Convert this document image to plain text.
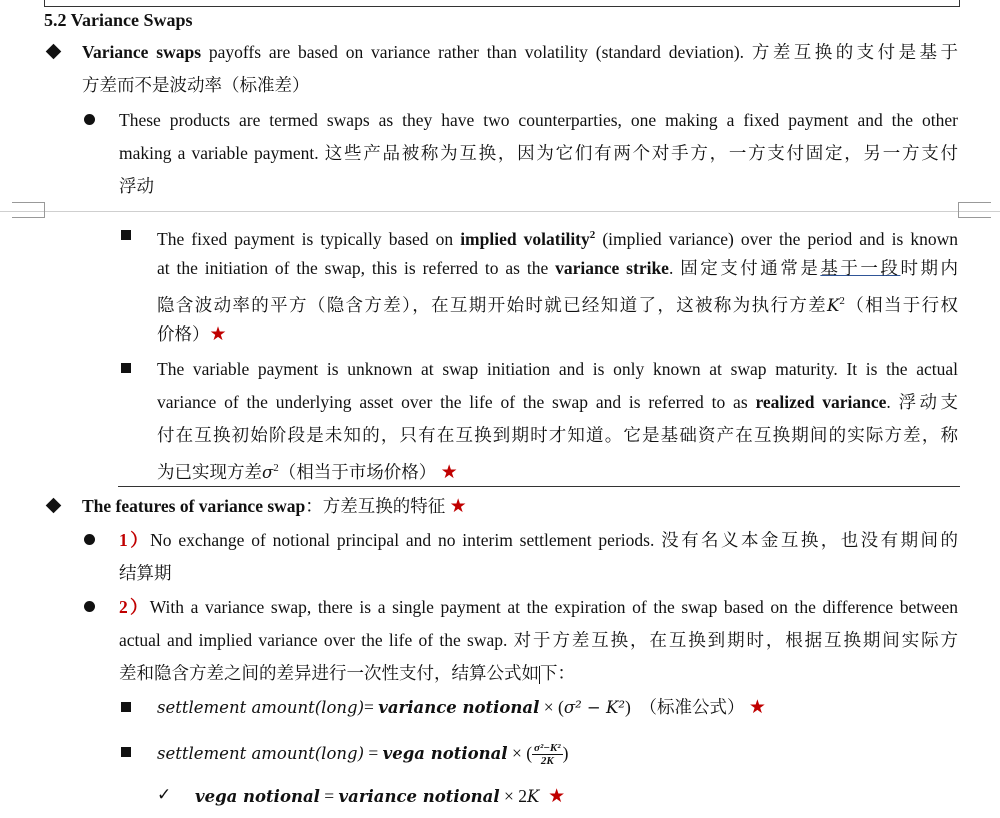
5.2 Variance Swaps
Variance swaps payoffs are based on variance rather than volatility (standard deviation). 方差互换的支付是基于
方差而不是波动率（标准差）
These products are termed swaps as they have two counterparties, one making a fixed payment and the other
making a variable payment. 这些产品被称为互换，因为它们有两个对手方，一方支付固定，另一方支付
浮动
The fixed payment is typically based on implied volatility$^2$ (implied variance) over the period and is known
at the initiation of the swap, this is referred to as the variance strike. 固定支付通常是基于一段时期内
隐含波动率的平方（隐含方差），在互期开始时就已经知道了，这被称为执行方差$K^2$（相当于行权
价格）★
The variable payment is unknown at swap initiation and is only known at swap maturity. It is the actual
variance of the underlying asset over the life of the swap and is referred to as realized variance. 浮动支
付在互换初始阶段是未知的，只有在互换到期时才知道。它是基础资产在互换期间的实际方差，称
为已实现方差$\sigma^2$（相当于市场价格） ★
The features of variance swap：方差互换的特征 ★
1）No exchange of notional principal and no interim settlement periods. 没有名义本金互换，也没有期间的
结算期
2）With a variance swap, there is a single payment at the expiration of the swap based on the difference between
actual and implied variance over the life of the swap. 对于方差互换，在互换到期时，根据互换期间实际方
差和隐含方差之间的差异进行一次性支付，结算公式如下：
settlement amount(long)= variance notional × (σ² − K²) （标准公式） ★
settlement amount(long) = vega notional × ( $\frac{\text{σ²−K²}}{2K}$ )
✓ vega notional = variance notional × 2K ★
